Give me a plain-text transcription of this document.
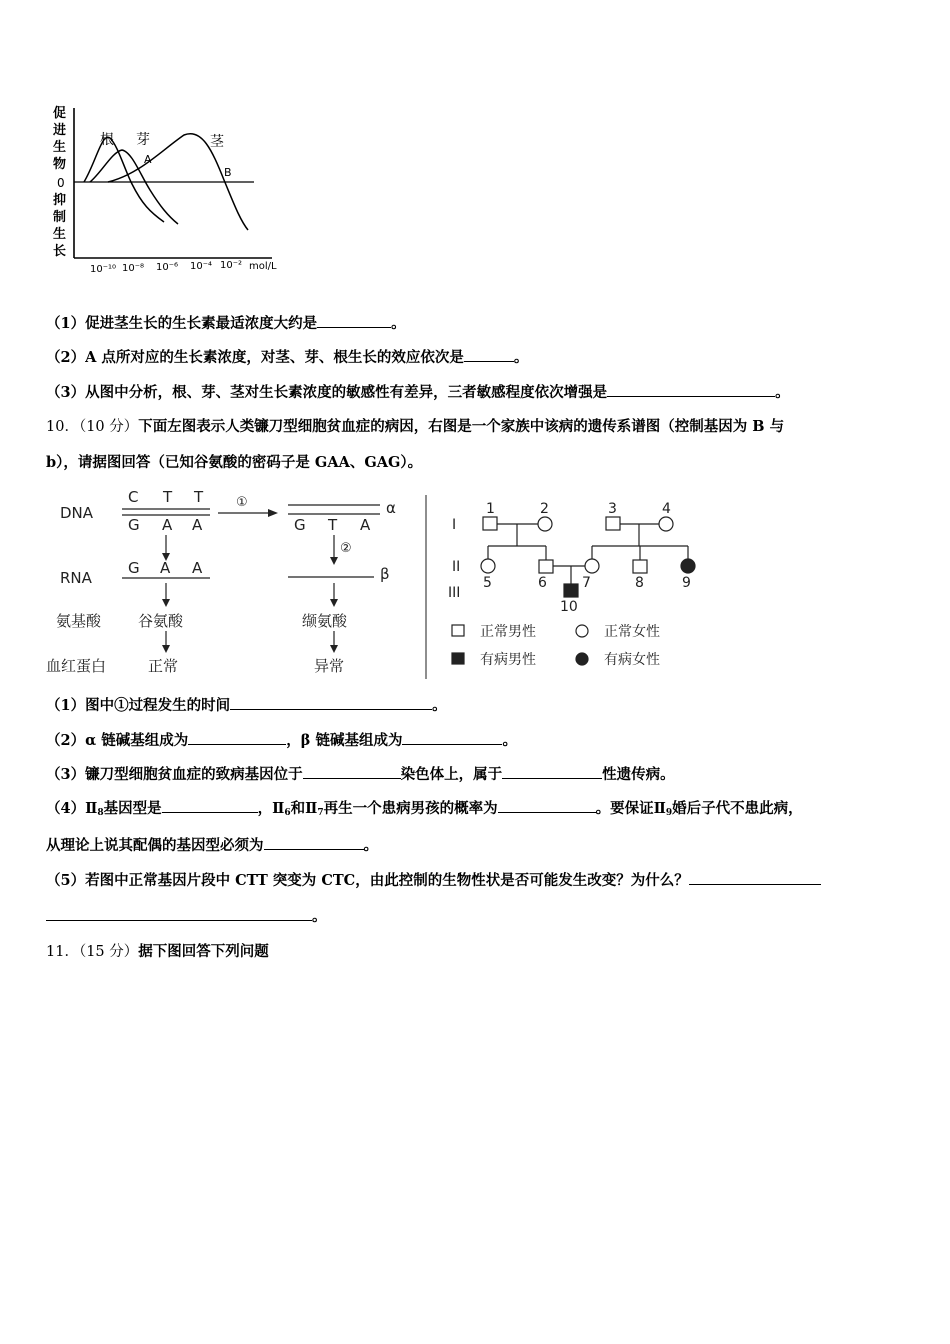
促
进
生
物
0
抑
制
生
长
根 芽	茎
A
B
10⁻¹⁰ 10⁻⁸ 10⁻⁶ 10⁻⁴ 10⁻² mol/L
（1）促进茎生长的生长素最适浓度大约是	。
（2）A 点所对应的生长素浓度，对茎、芽、根生长的效应依次是	。
（3）从图中分析，根、芽、茎对生长素浓度的敏感性有差异，三者敏感程度依次增强是	。
10．（10 分）下面左图表示人类镰刀型细胞贫血症的病因，右图是一个家族中该病的遗传系谱图（控制基因为 B 与
b），请据图回答（已知谷氨酸的密码子是 GAA、GAG）。
DNA
RNA
氨基酸
血红蛋白
C T T
G A A
G A A
谷氨酸
正常
①	α
G T A
②
β
缬氨酸
异常
I
II
III
1	2	3	4
5	6	7	8	9
10
正常男性	正常女性
有病男性	有病女性
（1）图中①过程发生的时间	。
（2）α 链碱基组成为	，β 链碱基组成为	。
（3）镰刀型细胞贫血症的致病基因位于	染色体上，属于	性遗传病。
$(4)Ⅱ_8$基因型是	，$Ⅱ_6$和$Ⅱ_7$再生一个患病男孩的概率为	。要保证$Ⅱ_9$婚后子代不患此病，
从理论上说其配偶的基因型必须为	。
（5）若图中正常基因片段中 CTT 突变为 CTC，由此控制的生物性状是否可能发生改变？为什么？
。
11．（15 分）据下图回答下列问题
